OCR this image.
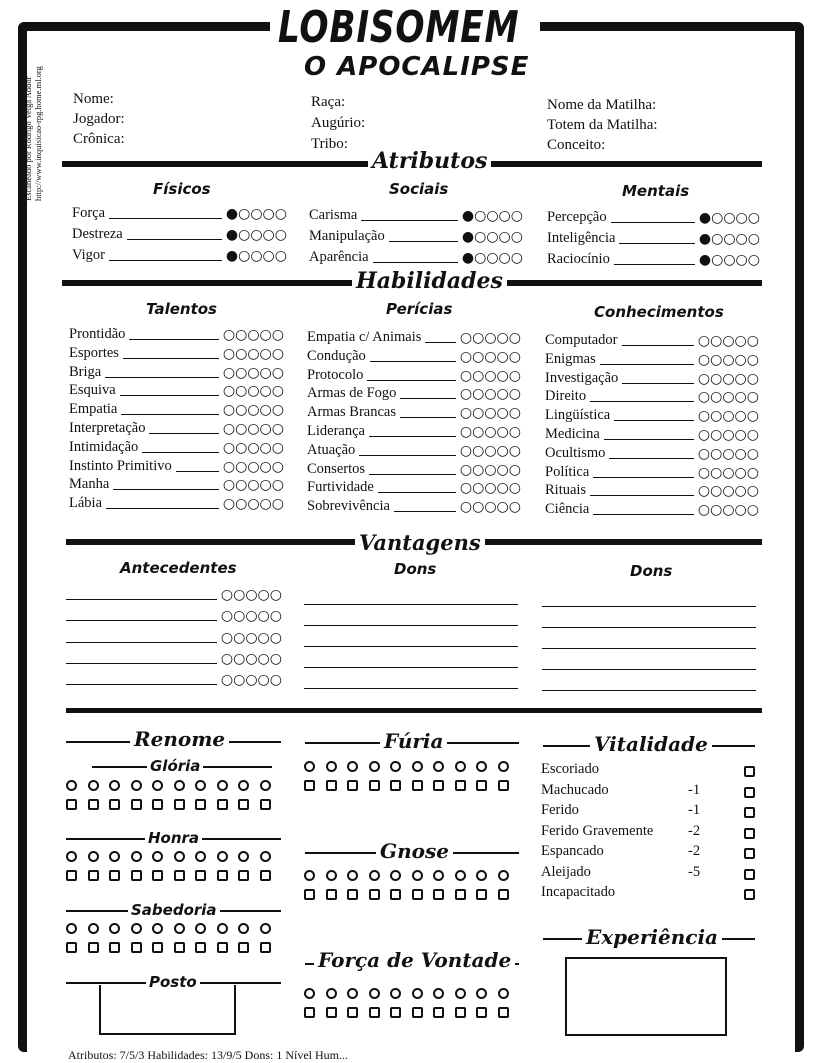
Escaneado por Rodrigo Veiga Addor http://www.inquisicao-rpg.home.ml.org
LOBISOMEM
O APOCALIPSE
Nome:
Jogador:
Crônica:
Raça:
Augúrio:
Tribo:
Nome da Matilha:
Totem da Matilha:
Conceito:
Atributos
Físicos	Sociais	Mentais
Força	●○○○○
Destreza	●○○○○
Vigor	●○○○○
Carisma	●○○○○
Manipulação	●○○○○
Aparência	●○○○○
Percepção	●○○○○
Inteligência	●○○○○
Raciocínio	●○○○○
Habilidades
Talentos	Perícias	Conhecimentos
Prontidão	○○○○○
Esportes	○○○○○
Briga	○○○○○
Esquiva	○○○○○
Empatia	○○○○○
Interpretação	○○○○○
Intimidação	○○○○○
Instinto Primitivo	○○○○○
Manha	○○○○○
Lábia	○○○○○
Empatia c/ Animais	○○○○○
Condução	○○○○○
Protocolo	○○○○○
Armas de Fogo	○○○○○
Armas Brancas	○○○○○
Liderança	○○○○○
Atuação	○○○○○
Consertos	○○○○○
Furtividade	○○○○○
Sobrevivência	○○○○○
Computador	○○○○○
Enigmas	○○○○○
Investigação	○○○○○
Direito	○○○○○
Lingüística	○○○○○
Medicina	○○○○○
Ocultismo	○○○○○
Política	○○○○○
Rituais	○○○○○
Ciência	○○○○○
Vantagens
Antecedentes	Dons	Dons
○○○○○
○○○○○
○○○○○
○○○○○
○○○○○
Renome
Glória
Honra
Sabedoria
Posto
Fúria
Gnose
Força de Vontade
Vitalidade
Escoriado
Machucado	-1
Ferido	-1
Ferido Gravemente -2
Espancado	-2
Aleijado	-5
Incapacitado
Experiência
Atributos: 7/5/3 Habilidades: 13/9/5 Dons: 1 Nível Hum...
